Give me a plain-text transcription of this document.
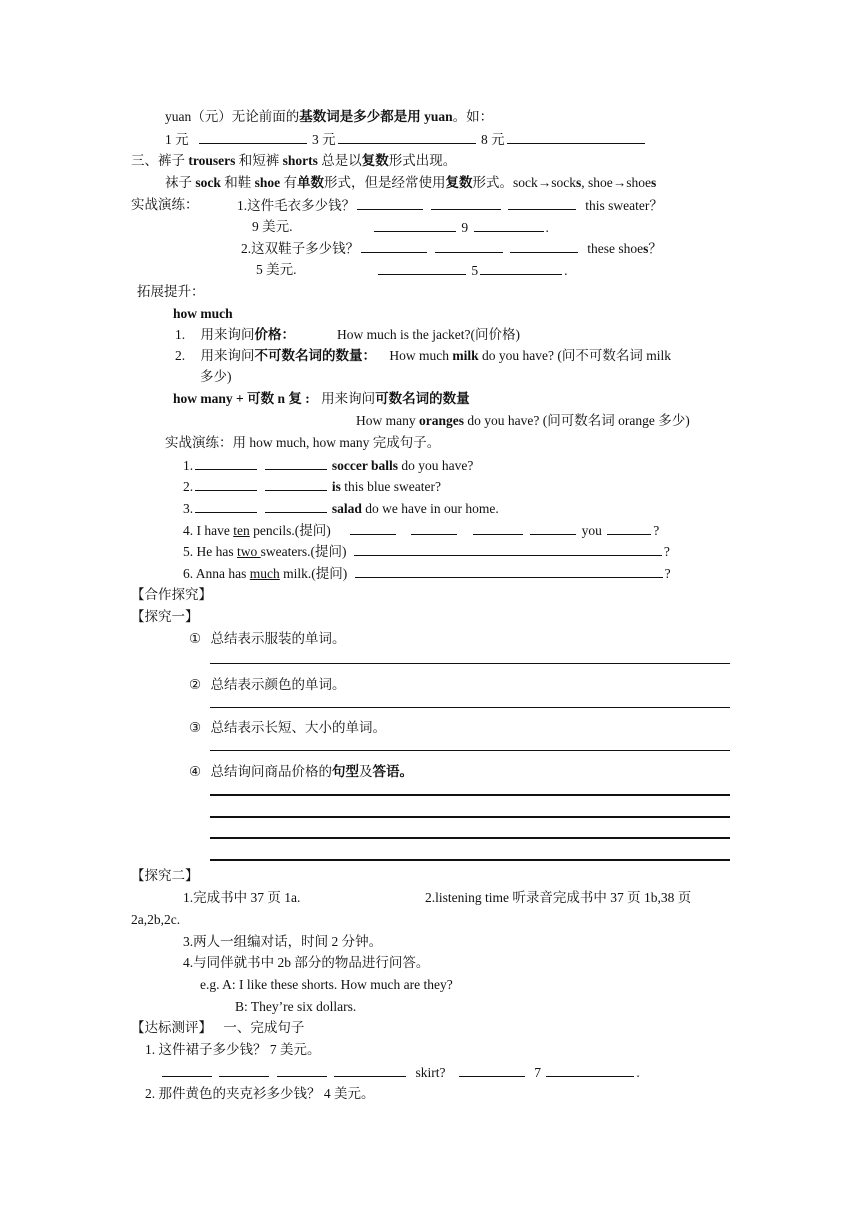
yuan（元）无论前面的基数词是多少都是用 yuan。如：
1 元	3 元	8 元
三、裤子 trousers 和短裤 shorts 总是以复数形式出现。
袜子 sock 和鞋 shoe 有单数形式，但是经常使用复数形式。sock→socks, shoe→shoes
实战演练：	1.这件毛衣多少钱？	this sweater？
9 美元.	9	.
2.这双鞋子多少钱？	these shoes？
5 美元.	5	.
拓展提升：
how much
1. 用来询问价格：	How much is the jacket?(问价格)
2. 用来询问不可数名词的数量： How much milk do you have? (问不可数名词 milk
多少)
how many + 可数 n 复 : 用来询问可数名词的数量
How many oranges do you have? (问可数名词 orange 多少)
实战演练：用 how much, how many 完成句子。
1.	soccer balls do you have?
2.	is this blue sweater?
3.	salad do we have in our home.
4. I have ten pencils.(提问)	you	?
5. He has two sweaters.(提问)	?
6. Anna has much milk.(提问)	?
【合作探究】
【探究一】
① 总结表示服装的单词。
② 总结表示颜色的单词。
③ 总结表示长短、大小的单词。
④ 总结询问商品价格的句型及答语。
【探究二】
1.完成书中 37 页 1a.	2.listening time 听录音完成书中 37 页 1b,38 页
2a,2b,2c.
3.两人一组编对话，时间 2 分钟。
4.与同伴就书中 2b 部分的物品进行问答。
e.g. A: I like these shorts. How much are they?
B: They’re six dollars.
【达标测评】 一、完成句子
1. 这件裙子多少钱？ 7 美元。
skirt?	7	.
2. 那件黄色的夹克衫多少钱？ 4 美元。
